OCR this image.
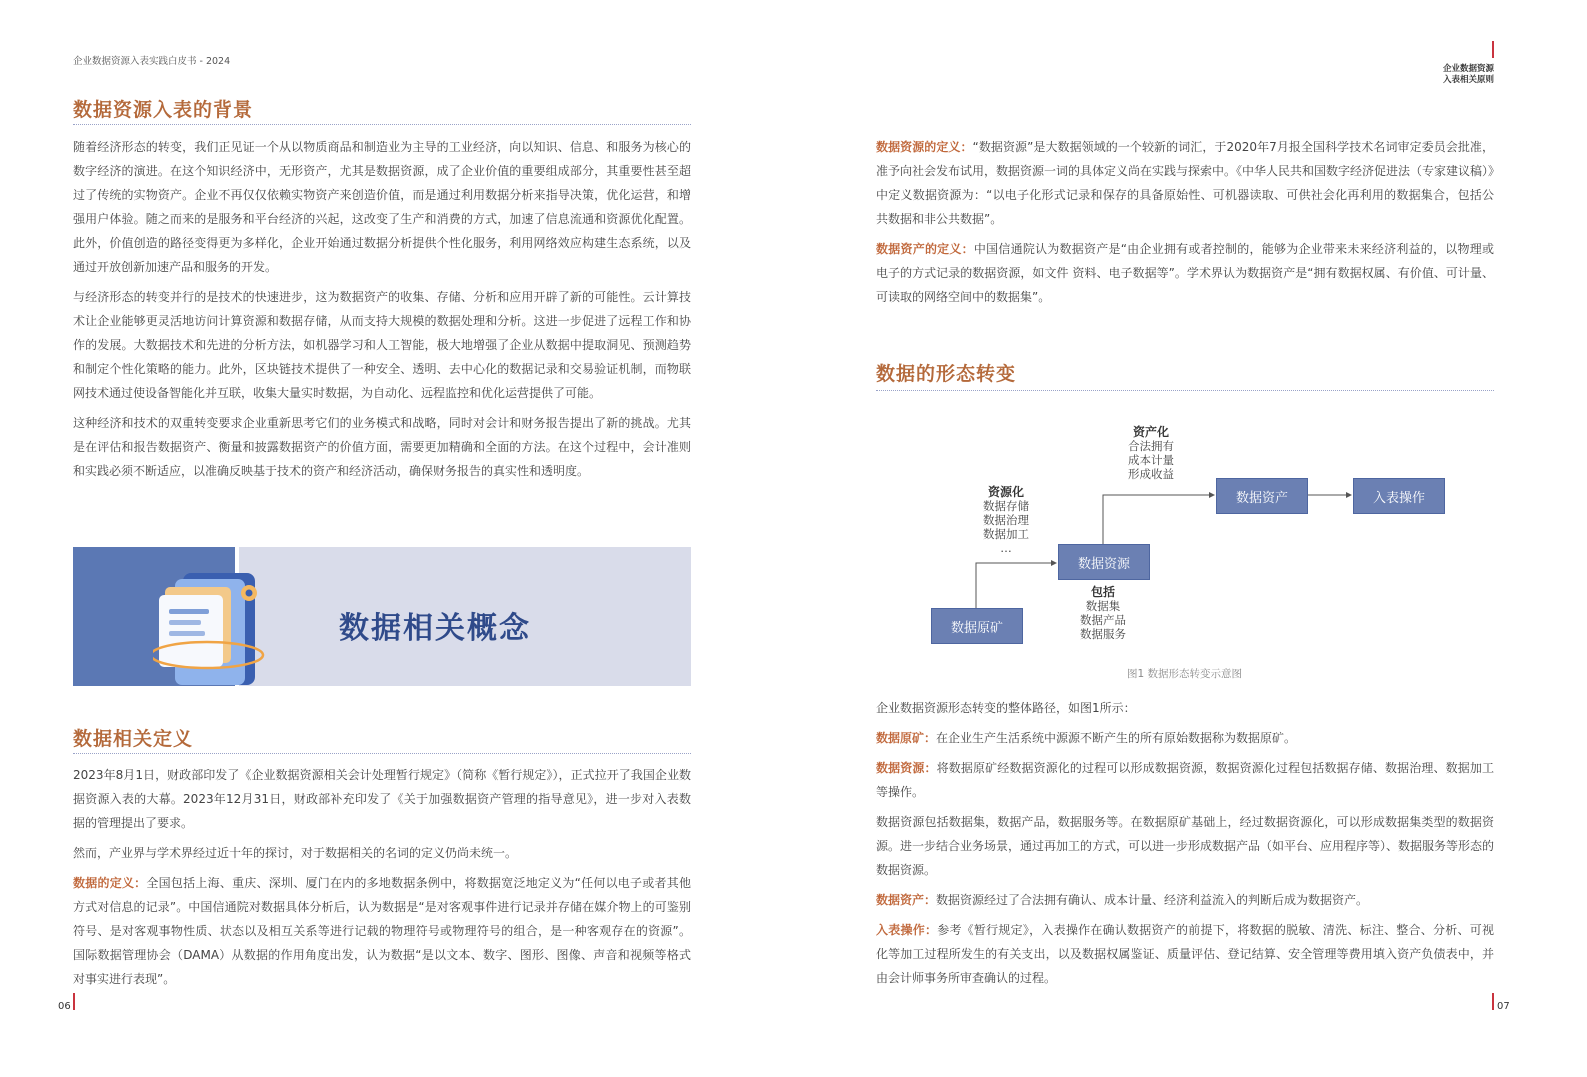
企业数据资源入表实践白皮书 - 2024
数据资源入表的背景

随着经济形态的转变，我们正见证一个从以物质商品和制造业为主导的工业经济，向以知识、信息、和服务为核心的数字经济的演进。在这个知识经济中，无形资产，尤其是数据资源，成了企业价值的重要组成部分，其重要性甚至超过了传统的实物资产。企业不再仅仅依赖实物资产来创造价值，而是通过利用数据分析来指导决策，优化运营，和增强用户体验。随之而来的是服务和平台经济的兴起，这改变了生产和消费的方式，加速了信息流通和资源优化配置。此外，价值创造的路径变得更为多样化，企业开始通过数据分析提供个性化服务，利用网络效应构建生态系统，以及通过开放创新加速产品和服务的开发。

与经济形态的转变并行的是技术的快速进步，这为数据资产的收集、存储、分析和应用开辟了新的可能性。云计算技术让企业能够更灵活地访问计算资源和数据存储，从而支持大规模的数据处理和分析。这进一步促进了远程工作和协作的发展。大数据技术和先进的分析方法，如机器学习和人工智能，极大地增强了企业从数据中提取洞见、预测趋势和制定个性化策略的能力。此外，区块链技术提供了一种安全、透明、去中心化的数据记录和交易验证机制，而物联网技术通过使设备智能化并互联，收集大量实时数据，为自动化、远程监控和优化运营提供了可能。

这种经济和技术的双重转变要求企业重新思考它们的业务模式和战略，同时对会计和财务报告提出了新的挑战。尤其是在评估和报告数据资产、衡量和披露数据资产的价值方面，需要更加精确和全面的方法。在这个过程中，会计准则和实践必须不断适应，以准确反映基于技术的资产和经济活动，确保财务报告的真实性和透明度。

数据相关概念
数据相关定义

2023年8月1日，财政部印发了《企业数据资源相关会计处理暂行规定》（简称《暂行规定》），正式拉开了我国企业数据资源入表的大幕。2023年12月31日，财政部补充印发了《关于加强数据资产管理的指导意见》，进一步对入表数据的管理提出了要求。

然而，产业界与学术界经过近十年的探讨，对于数据相关的名词的定义仍尚未统一。

数据的定义：全国包括上海、重庆、深圳、厦门在内的多地数据条例中，将数据宽泛地定义为“任何以电子或者其他方式对信息的记录”。中国信通院对数据具体分析后，认为数据是“是对客观事件进行记录并存储在媒介物上的可鉴别符号、是对客观事物性质、状态以及相互关系等进行记载的物理符号或物理符号的组合，是一种客观存在的资源”。国际数据管理协会（DAMA）从数据的作用角度出发，认为数据“是以文本、数字、图形、图像、声音和视频等格式对事实进行表现”。

06
企业数据资源
入表相关原则

数据资源的定义：“数据资源”是大数据领域的一个较新的词汇，于2020年7月报全国科学技术名词审定委员会批准，准予向社会发布试用，数据资源一词的具体定义尚在实践与探索中。《中华人民共和国数字经济促进法（专家建议稿）》中定义数据资源为：“以电子化形式记录和保存的具备原始性、可机器读取、可供社会化再利用的数据集合，包括公共数据和非公共数据”。

数据资产的定义：中国信通院认为数据资产是“由企业拥有或者控制的，能够为企业带来未来经济利益的，以物理或电子的方式记录的数据资源，如文件 资料、电子数据等”。学术界认为数据资产是“拥有数据权属、有价值、可计量、可读取的网络空间中的数据集”。

数据的形态转变
数据原矿
数据资源
数据资产	入表操作
资源化
数据存储
数据治理
数据加工
…
包括
数据集
数据产品
数据服务
资产化
合法拥有
成本计量
形成收益
图1 数据形态转变示意图

企业数据资源形态转变的整体路径，如图1所示：

数据原矿：在企业生产生活系统中源源不断产生的所有原始数据称为数据原矿。

数据资源：将数据原矿经数据资源化的过程可以形成数据资源，数据资源化过程包括数据存储、数据治理、数据加工等操作。

数据资源包括数据集，数据产品，数据服务等。在数据原矿基础上，经过数据资源化，可以形成数据集类型的数据资源。进一步结合业务场景，通过再加工的方式，可以进一步形成数据产品（如平台、应用程序等）、数据服务等形态的数据资源。

数据资产：数据资源经过了合法拥有确认、成本计量、经济利益流入的判断后成为数据资产。

入表操作：参考《暂行规定》，入表操作在确认数据资产的前提下，将数据的脱敏、清洗、标注、整合、分析、可视化等加工过程所发生的有关支出，以及数据权属鉴证、质量评估、登记结算、安全管理等费用填入资产负债表中，并由会计师事务所审查确认的过程。

07
